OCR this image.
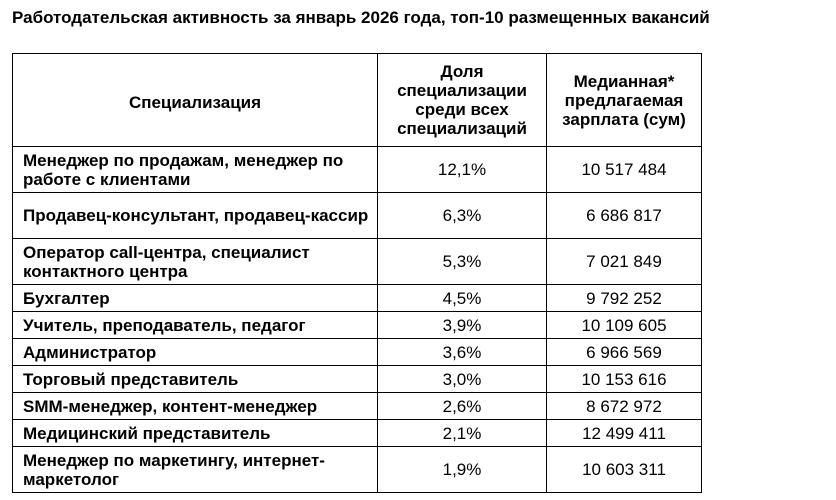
Работодательская активность за январь 2026 года, топ-10 размещенных вакансий
Специализация	Доля специализации среди всех специализаций	Медианная* предлагаемая зарплата (сум)
Менеджер по продажам, менеджер по работе с клиентами	12,1%	10 517 484
Продавец-консультант, продавец-кассир	6,3%	6 686 817
Оператор call-центра, специалист контактного центра	5,3%	7 021 849
Бухгалтер	4,5%	9 792 252
Учитель, преподаватель, педагог	3,9%	10 109 605
Администратор	3,6%	6 966 569
Торговый представитель	3,0%	10 153 616
SMM-менеджер, контент-менеджер	2,6%	8 672 972
Медицинский представитель	2,1%	12 499 411
Менеджер по маркетингу, интернет-маркетолог	1,9%	10 603 311
